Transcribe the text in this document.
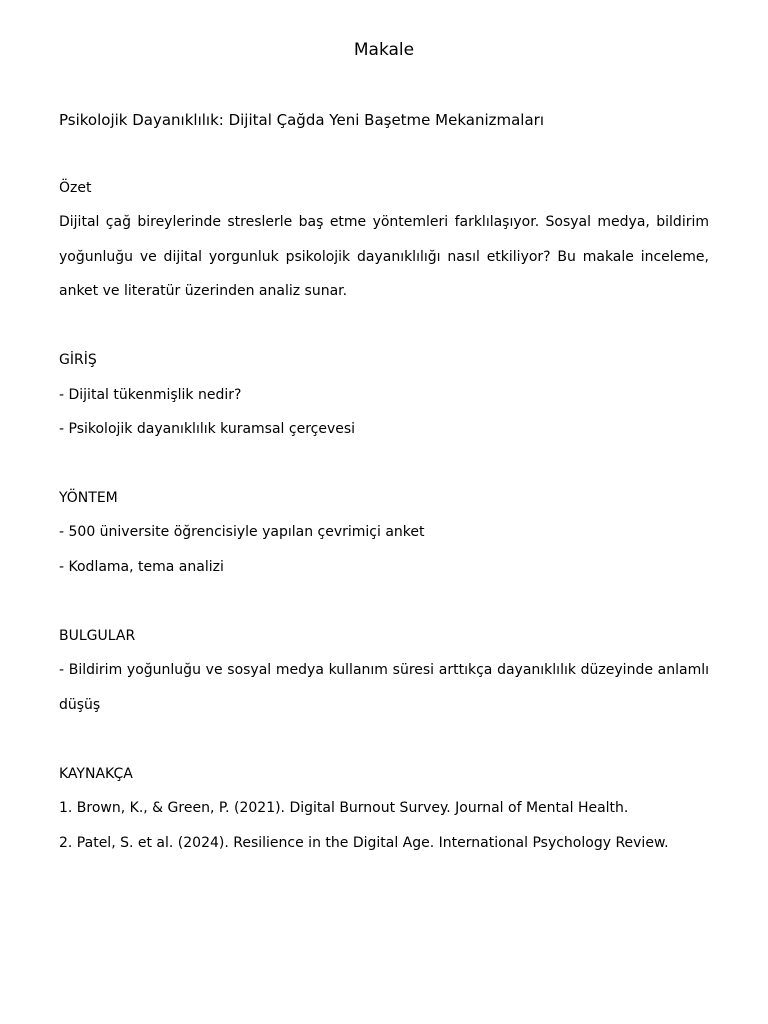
Makale
Psikolojik Dayanıklılık: Dijital Çağda Yeni Başetme Mekanizmaları
Özet
Dijital çağ bireylerinde streslerle baş etme yöntemleri farklılaşıyor. Sosyal medya, bildirim yoğunluğu ve dijital yorgunluk psikolojik dayanıklılığı nasıl etkiliyor? Bu makale inceleme, anket ve literatür üzerinden analiz sunar.
GİRİŞ
- Dijital tükenmişlik nedir?
- Psikolojik dayanıklılık kuramsal çerçevesi
YÖNTEM
- 500 üniversite öğrencisiyle yapılan çevrimiçi anket
- Kodlama, tema analizi
BULGULAR
- Bildirim yoğunluğu ve sosyal medya kullanım süresi arttıkça dayanıklılık düzeyinde anlamlı düşüş
KAYNAKÇA
1. Brown, K., & Green, P. (2021). Digital Burnout Survey. Journal of Mental Health.
2. Patel, S. et al. (2024). Resilience in the Digital Age. International Psychology Review.
